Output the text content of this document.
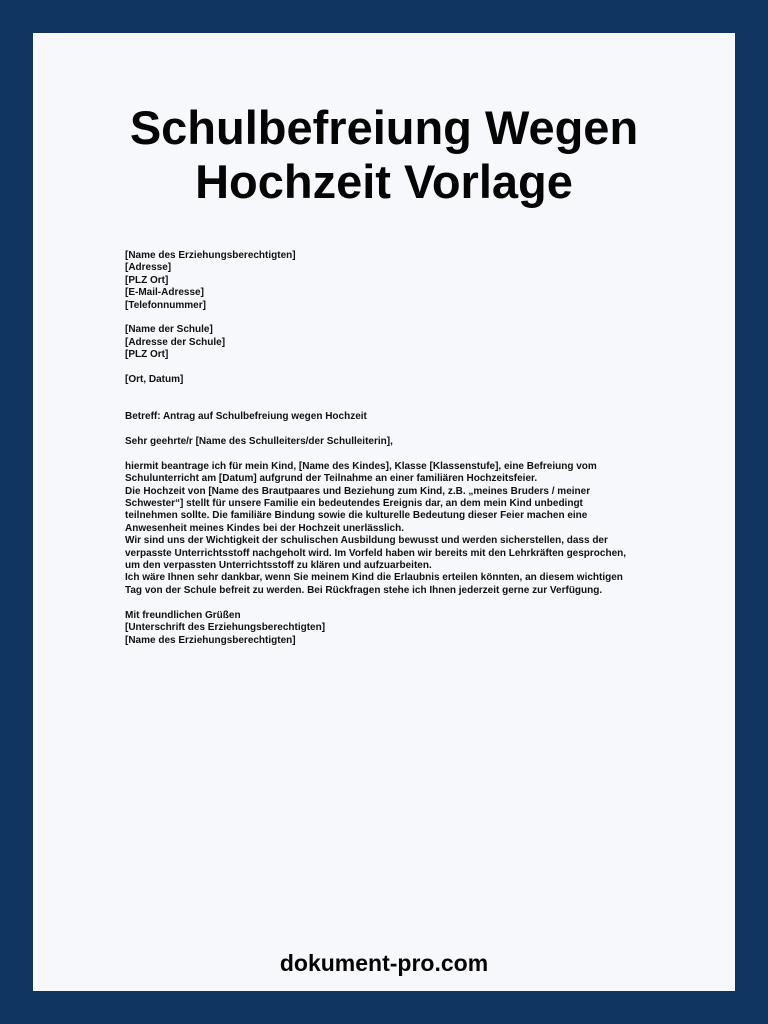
Schulbefreiung Wegen
Hochzeit Vorlage
[Name des Erziehungsberechtigten]
[Adresse]
[PLZ Ort]
[E-Mail-Adresse]
[Telefonnummer]
[Name der Schule]
[Adresse der Schule]
[PLZ Ort]
[Ort, Datum]
Betreff: Antrag auf Schulbefreiung wegen Hochzeit
Sehr geehrte/r [Name des Schulleiters/der Schulleiterin],
hiermit beantrage ich für mein Kind, [Name des Kindes], Klasse [Klassenstufe], eine Befreiung vom
Schulunterricht am [Datum] aufgrund der Teilnahme an einer familiären Hochzeitsfeier.
Die Hochzeit von [Name des Brautpaares und Beziehung zum Kind, z.B. „meines Bruders / meiner
Schwester“] stellt für unsere Familie ein bedeutendes Ereignis dar, an dem mein Kind unbedingt
teilnehmen sollte. Die familiäre Bindung sowie die kulturelle Bedeutung dieser Feier machen eine
Anwesenheit meines Kindes bei der Hochzeit unerlässlich.
Wir sind uns der Wichtigkeit der schulischen Ausbildung bewusst und werden sicherstellen, dass der
verpasste Unterrichtsstoff nachgeholt wird. Im Vorfeld haben wir bereits mit den Lehrkräften gesprochen,
um den verpassten Unterrichtsstoff zu klären und aufzuarbeiten.
Ich wäre Ihnen sehr dankbar, wenn Sie meinem Kind die Erlaubnis erteilen könnten, an diesem wichtigen
Tag von der Schule befreit zu werden. Bei Rückfragen stehe ich Ihnen jederzeit gerne zur Verfügung.
Mit freundlichen Grüßen
[Unterschrift des Erziehungsberechtigten]
[Name des Erziehungsberechtigten]
dokument-pro.com
